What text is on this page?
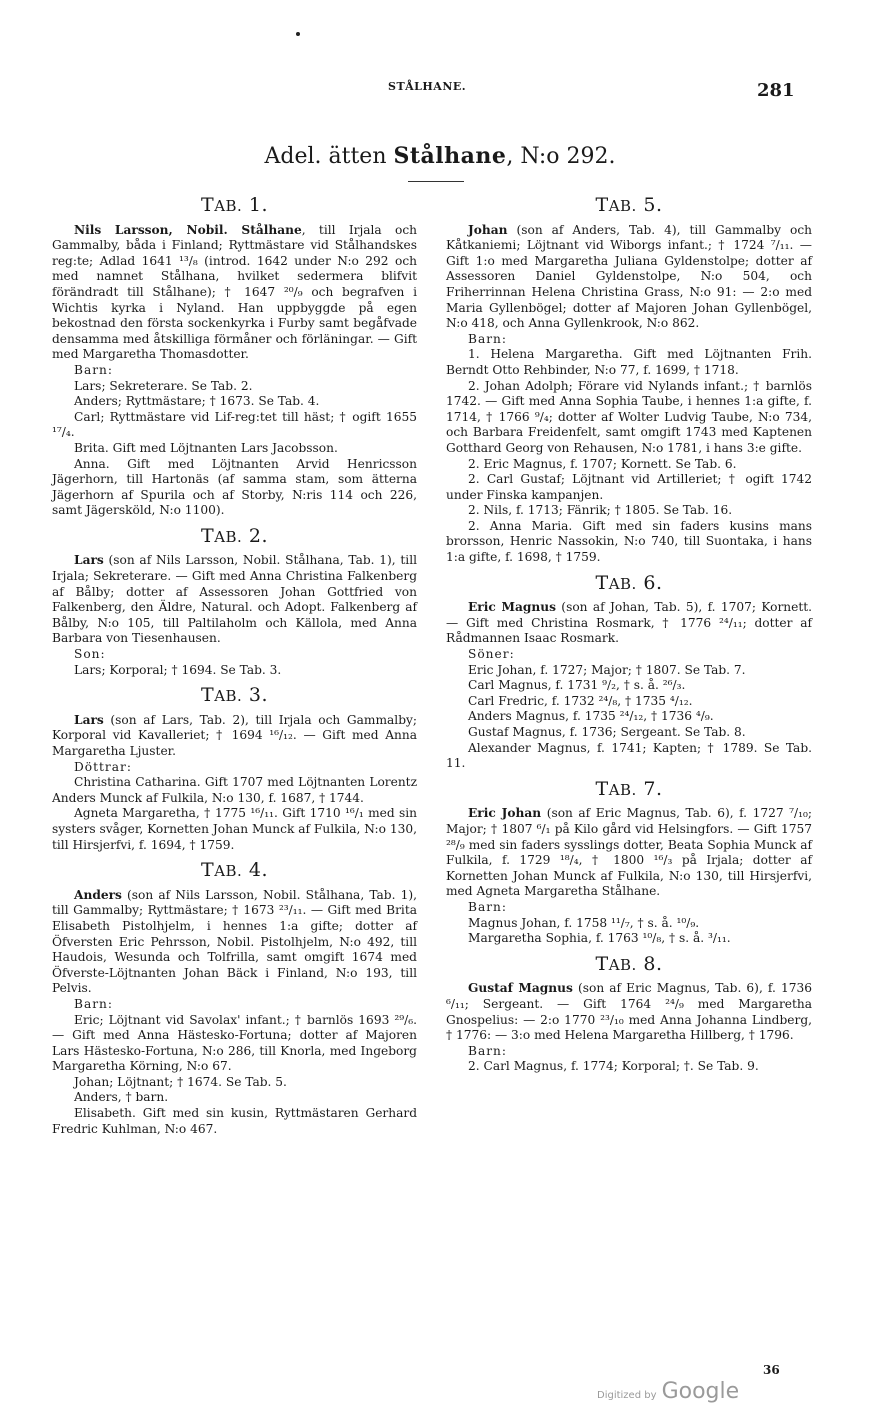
STÅLHANE.	281
Adel. ätten Stålhane, N:o 292.
TAB. 1.

Nils Larsson, Nobil. Stålhane, till Irjala och Gammalby, båda i Finland; Ryttmästare vid Stålhandskes reg:te; Adlad 1641 ¹³/₈ (introd. 1642 under N:o 292 och med namnet Stålhana, hvilket sedermera blifvit förändradt till Stålhane); † 1647 ²⁰/₉ och begrafven i Wichtis kyrka i Nyland. Han uppbyggde på egen bekostnad den första sockenkyrka i Furby samt begåfvade densamma med åtskilliga förmåner och förläningar. — Gift med Margaretha Thomasdotter.

Barn:

Lars; Sekreterare. Se Tab. 2.

Anders; Ryttmästare; † 1673. Se Tab. 4.

Carl; Ryttmästare vid Lif-reg:tet till häst; † ogift 1655 ¹⁷/₄.

Brita. Gift med Löjtnanten Lars Jacobsson.

Anna. Gift med Löjtnanten Arvid Henricsson Jägerhorn, till Hartonäs (af samma stam, som ätterna Jägerhorn af Spurila och af Storby, N:ris 114 och 226, samt Jägersköld, N:o 1100).

TAB. 2.

Lars (son af Nils Larsson, Nobil. Stålhana, Tab. 1), till Irjala; Sekreterare. — Gift med Anna Christina Falkenberg af Bålby; dotter af Assessoren Johan Gottfried von Falkenberg, den Äldre, Natural. och Adopt. Falkenberg af Bålby, N:o 105, till Paltilaholm och Källola, med Anna Barbara von Tiesenhausen.

Son:

Lars; Korporal; † 1694. Se Tab. 3.

TAB. 3.

Lars (son af Lars, Tab. 2), till Irjala och Gammalby; Korporal vid Kavalleriet; † 1694 ¹⁶/₁₂. — Gift med Anna Margaretha Ljuster.

Döttrar:

Christina Catharina. Gift 1707 med Löjtnanten Lorentz Anders Munck af Fulkila, N:o 130, f. 1687, † 1744.

Agneta Margaretha, † 1775 ¹⁶/₁₁. Gift 1710 ¹⁶/₁ med sin systers svåger, Kornetten Johan Munck af Fulkila, N:o 130, till Hirsjerfvi, f. 1694, † 1759.

TAB. 4.

Anders (son af Nils Larsson, Nobil. Stålhana, Tab. 1), till Gammalby; Ryttmästare; † 1673 ²³/₁₁. — Gift med Brita Elisabeth Pistolhjelm, i hennes 1:a gifte; dotter af Öfversten Eric Pehrsson, Nobil. Pistolhjelm, N:o 492, till Haudois, Wesunda och Tolfrilla, samt omgift 1674 med Öfverste-Löjtnanten Johan Bäck i Finland, N:o 193, till Pelvis.

Barn:

Eric; Löjtnant vid Savolax' infant.; † barnlös 1693 ²⁹/₆. — Gift med Anna Hästesko-Fortuna; dotter af Majoren Lars Hästesko-Fortuna, N:o 286, till Knorla, med Ingeborg Margaretha Körning, N:o 67.

Johan; Löjtnant; † 1674. Se Tab. 5.

Anders, † barn.

Elisabeth. Gift med sin kusin, Ryttmästaren Gerhard Fredric Kuhlman, N:o 467.

TAB. 5.

Johan (son af Anders, Tab. 4), till Gammalby och Kåtkaniemi; Löjtnant vid Wiborgs infant.; † 1724 ⁷/₁₁. — Gift 1:o med Margaretha Juliana Gyldenstolpe; dotter af Assessoren Daniel Gyldenstolpe, N:o 504, och Friherrinnan Helena Christina Grass, N:o 91: — 2:o med Maria Gyllenbögel; dotter af Majoren Johan Gyllenbögel, N:o 418, och Anna Gyllenkrook, N:o 862.

Barn:

1. Helena Margaretha. Gift med Löjtnanten Frih. Berndt Otto Rehbinder, N:o 77, f. 1699, † 1718.

2. Johan Adolph; Förare vid Nylands infant.; † barnlös 1742. — Gift med Anna Sophia Taube, i hennes 1:a gifte, f. 1714, † 1766 ⁹/₄; dotter af Wolter Ludvig Taube, N:o 734, och Barbara Freidenfelt, samt omgift 1743 med Kaptenen Gotthard Georg von Rehausen, N:o 1781, i hans 3:e gifte.

2. Eric Magnus, f. 1707; Kornett. Se Tab. 6.

2. Carl Gustaf; Löjtnant vid Artilleriet; † ogift 1742 under Finska kampanjen.

2. Nils, f. 1713; Fänrik; † 1805. Se Tab. 16.

2. Anna Maria. Gift med sin faders kusins mans brorsson, Henric Nassokin, N:o 740, till Suontaka, i hans 1:a gifte, f. 1698, † 1759.

TAB. 6.

Eric Magnus (son af Johan, Tab. 5), f. 1707; Kornett. — Gift med Christina Rosmark, † 1776 ²⁴/₁₁; dotter af Rådmannen Isaac Rosmark.

Söner:

Eric Johan, f. 1727; Major; † 1807. Se Tab. 7.

Carl Magnus, f. 1731 ⁹/₂, † s. å. ²⁶/₃.

Carl Fredric, f. 1732 ²⁴/₈, † 1735 ⁴/₁₂.

Anders Magnus, f. 1735 ²⁴/₁₂, † 1736 ⁴/₉.

Gustaf Magnus, f. 1736; Sergeant. Se Tab. 8.

Alexander Magnus, f. 1741; Kapten; † 1789. Se Tab. 11.

TAB. 7.

Eric Johan (son af Eric Magnus, Tab. 6), f. 1727 ⁷/₁₀; Major; † 1807 ⁶/₁ på Kilo gård vid Helsingfors. — Gift 1757 ²⁸/₉ med sin faders sysslings dotter, Beata Sophia Munck af Fulkila, f. 1729 ¹⁸/₄, † 1800 ¹⁶/₃ på Irjala; dotter af Kornetten Johan Munck af Fulkila, N:o 130, till Hirsjerfvi, med Agneta Margaretha Stålhane.

Barn:

Magnus Johan, f. 1758 ¹¹/₇, † s. å. ¹⁰/₉.

Margaretha Sophia, f. 1763 ¹⁰/₈, † s. å. ³/₁₁.

TAB. 8.

Gustaf Magnus (son af Eric Magnus, Tab. 6), f. 1736 ⁶/₁₁; Sergeant. — Gift 1764 ²⁴/₉ med Margaretha Gnospelius: — 2:o 1770 ²³/₁₀ med Anna Johanna Lindberg, † 1776: — 3:o med Helena Margaretha Hillberg, † 1796.

Barn:

2. Carl Magnus, f. 1774; Korporal; †. Se Tab. 9.

36
Digitized by Google
